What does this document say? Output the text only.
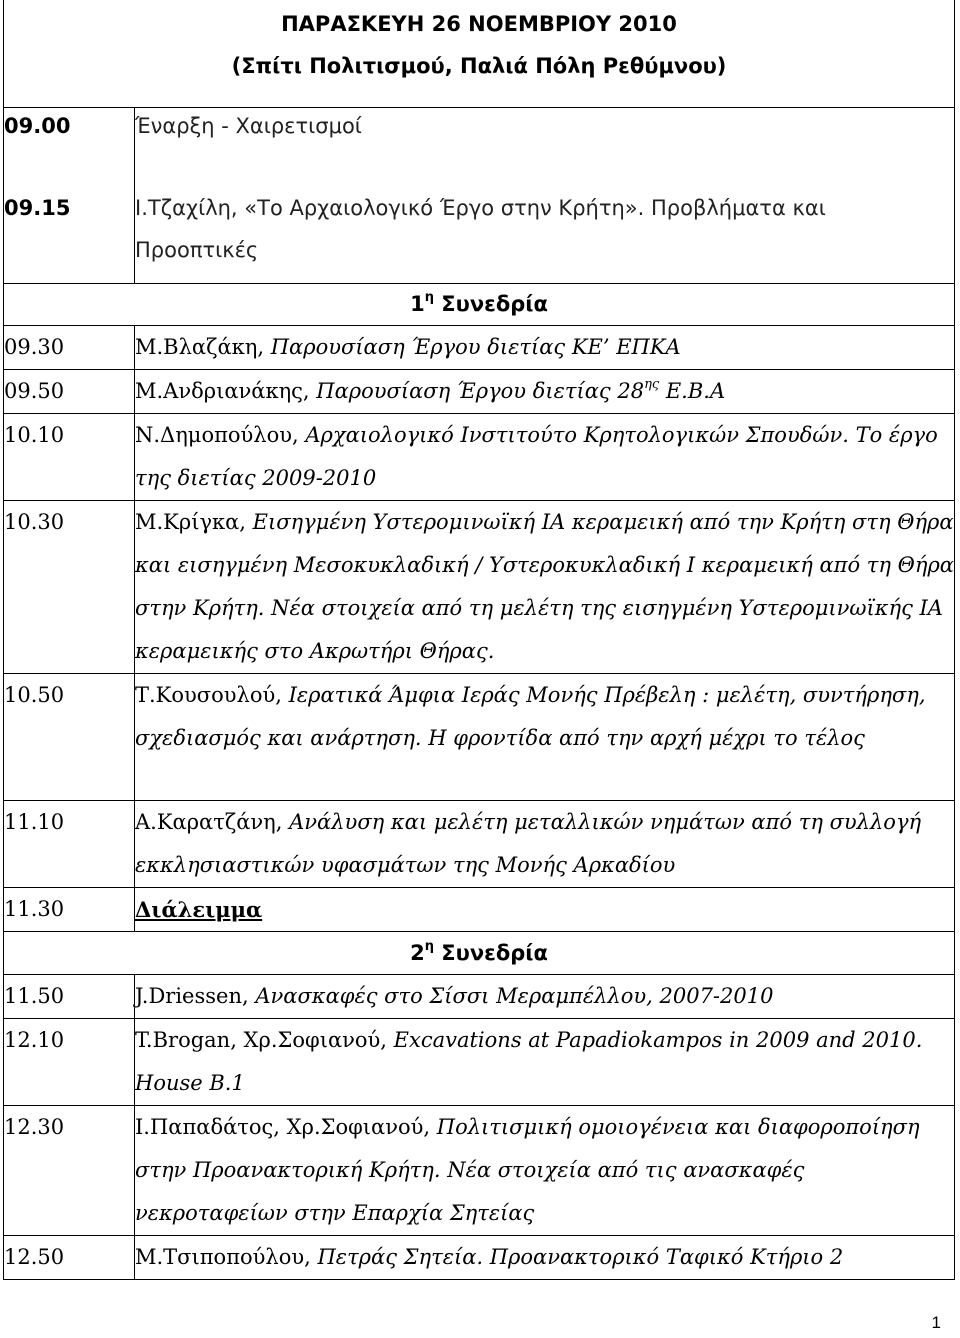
ΠΑΡΑΣΚΕΥΗ 26 ΝΟΕΜΒΡΙΟΥ 2010
(Σπίτι Πολιτισμού, Παλιά Πόλη Ρεθύμνου)	

09.00	Έναρξη - Χαιρετισμοί

09.15	Ι.Τζαχίλη, «Το Αρχαιολογικό Έργο στην Κρήτη». Προβλήματα και Προοπτικές

$1^\eta$ Συνεδρία	
09.30	Μ.Βλαζάκη, Παρουσίαση Έργου διετίας ΚΕ’ ΕΠΚΑ
09.50	Μ.Ανδριανάκης, Παρουσίαση Έργου διετίας $28^{\eta\varsigma}$ Ε.Β.Α
10.10	Ν.Δημοπούλου, Αρχαιολογικό Ινστιτούτο Κρητολογικών Σπουδών. Το έργο της διετίας 2009-2010
10.30	Μ.Κρίγκα, Εισηγμένη Υστερομινωϊκή ΙΑ κεραμεική από την Κρήτη στη Θήρα και εισηγμένη Μεσοκυκλαδική / Υστεροκυκλαδική Ι κεραμεική από τη Θήρα στην Κρήτη. Νέα στοιχεία από τη μελέτη της εισηγμένη Υστερομινωϊκής ΙΑ κεραμεικής στο Ακρωτήρι Θήρας.
10.50	Τ.Κουσουλού, Ιερατικά Άμφια Ιεράς Μονής Πρέβελη : μελέτη, συντήρηση, σχεδιασμός και ανάρτηση. Η φροντίδα από την αρχή μέχρι το τέλος
11.10	Α.Καρατζάνη, Ανάλυση και μελέτη μεταλλικών νημάτων από τη συλλογή εκκλησιαστικών υφασμάτων της Μονής Αρκαδίου
11.30	Διάλειμμα
$2^\eta$ Συνεδρία	
11.50	J.Driessen, Ανασκαφές στο Σίσσι Μεραμπέλλου, 2007-2010
12.10	T.Brogan, Χρ.Σοφιανού, Excavations at Papadiokampos in 2009 and 2010. House B.1
12.30	Ι.Παπαδάτος, Χρ.Σοφιανού, Πολιτισμική ομοιογένεια και διαφοροποίηση στην Προανακτορική Κρήτη. Νέα στοιχεία από τις ανασκαφές νεκροταφείων στην Επαρχία Σητείας
12.50	Μ.Τσιποπούλου, Πετράς Σητεία. Προανακτορικό Ταφικό Κτήριο 2
1
